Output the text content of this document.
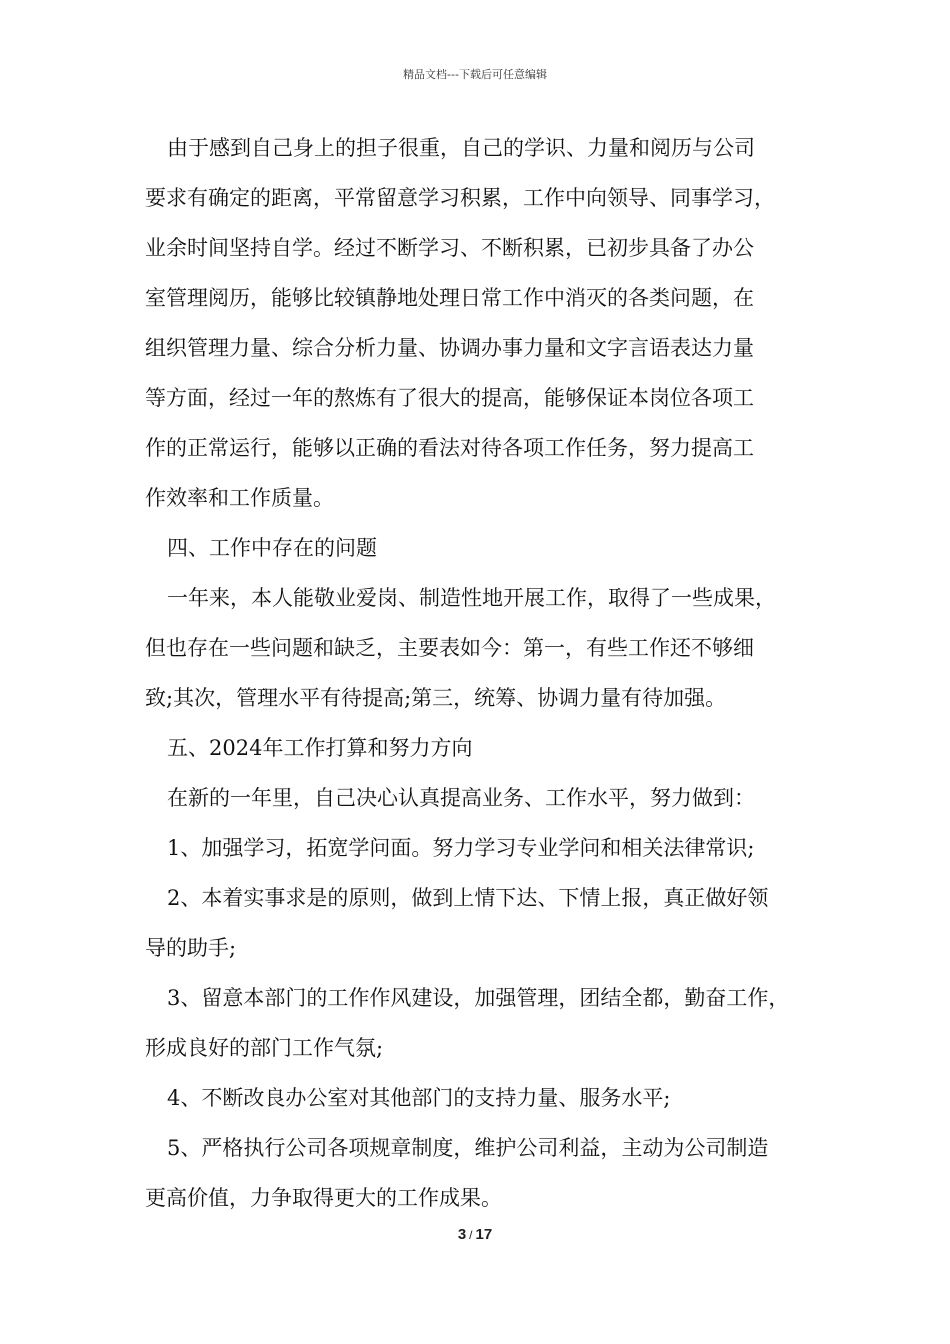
精品文档---下载后可任意编辑
由于感到自己身上的担子很重，自己的学识、力量和阅历与公司
要求有确定的距离，平常留意学习积累，工作中向领导、同事学习，
业余时间坚持自学。经过不断学习、不断积累，已初步具备了办公
室管理阅历，能够比较镇静地处理日常工作中消灭的各类问题，在
组织管理力量、综合分析力量、协调办事力量和文字言语表达力量
等方面，经过一年的熬炼有了很大的提高，能够保证本岗位各项工
作的正常运行，能够以正确的看法对待各项工作任务，努力提高工
作效率和工作质量。
四、工作中存在的问题
一年来，本人能敬业爱岗、制造性地开展工作，取得了一些成果，
但也存在一些问题和缺乏，主要表如今：第一，有些工作还不够细
致;其次，管理水平有待提高;第三，统筹、协调力量有待加强。
五、2024年工作打算和努力方向
在新的一年里，自己决心认真提高业务、工作水平，努力做到：
1、加强学习，拓宽学问面。努力学习专业学问和相关法律常识;
2、本着实事求是的原则，做到上情下达、下情上报，真正做好领
导的助手;
3、留意本部门的工作作风建设，加强管理，团结全都，勤奋工作，
形成良好的部门工作气氛;
4、不断改良办公室对其他部门的支持力量、服务水平;
5、严格执行公司各项规章制度，维护公司利益，主动为公司制造
更高价值，力争取得更大的工作成果。
3 / 17
